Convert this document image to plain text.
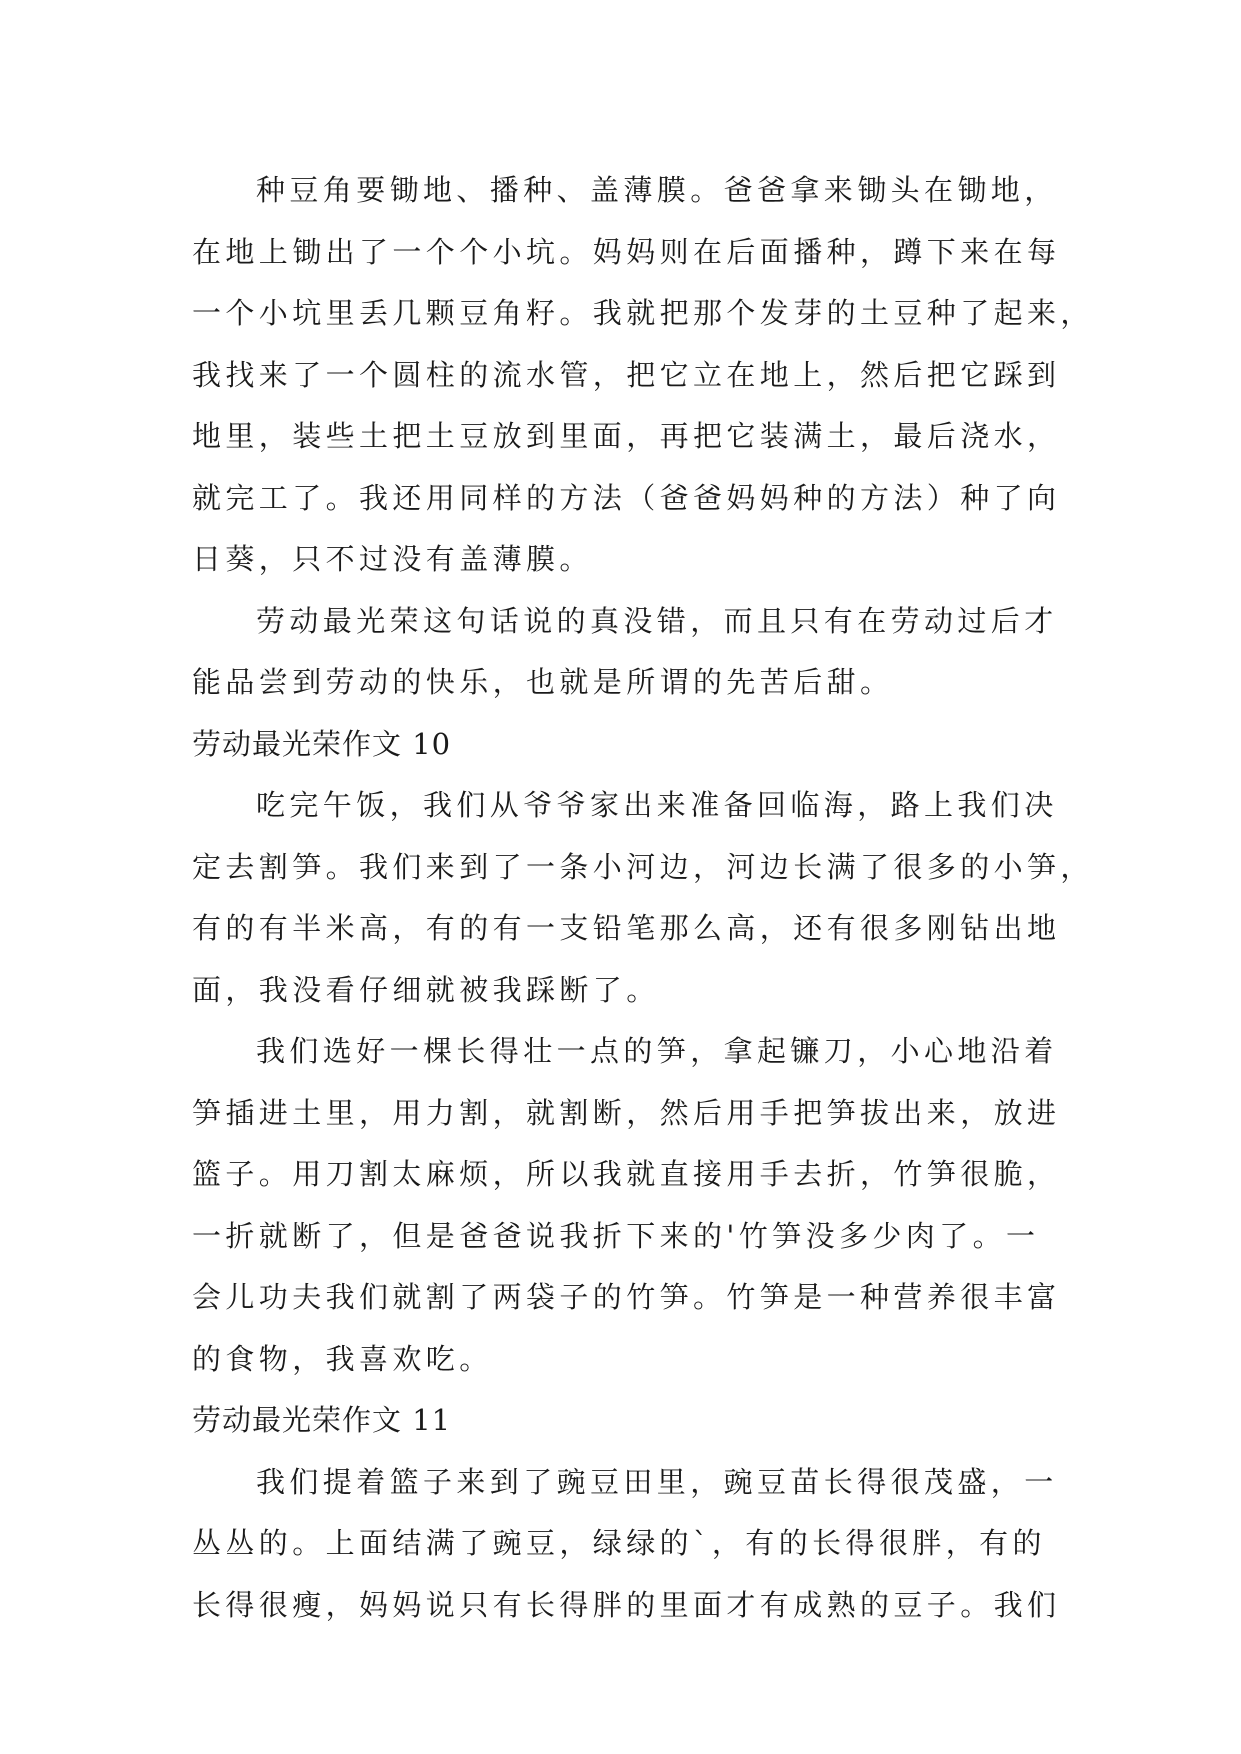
种豆角要锄地、播种、盖薄膜。爸爸拿来锄头在锄地，
在地上锄出了一个个小坑。妈妈则在后面播种，蹲下来在每
一个小坑里丢几颗豆角籽。我就把那个发芽的土豆种了起来，
我找来了一个圆柱的流水管，把它立在地上，然后把它踩到
地里，装些土把土豆放到里面，再把它装满土，最后浇水，
就完工了。我还用同样的方法（爸爸妈妈种的方法）种了向
日葵，只不过没有盖薄膜。
劳动最光荣这句话说的真没错，而且只有在劳动过后才
能品尝到劳动的快乐，也就是所谓的先苦后甜。
劳动最光荣作文 10
吃完午饭，我们从爷爷家出来准备回临海，路上我们决
定去割笋。我们来到了一条小河边，河边长满了很多的小笋，
有的有半米高，有的有一支铅笔那么高，还有很多刚钻出地
面，我没看仔细就被我踩断了。
我们选好一棵长得壮一点的笋，拿起镰刀，小心地沿着
笋插进土里，用力割，就割断，然后用手把笋拔出来，放进
篮子。用刀割太麻烦，所以我就直接用手去折，竹笋很脆，
一折就断了，但是爸爸说我折下来的'竹笋没多少肉了。一
会儿功夫我们就割了两袋子的竹笋。竹笋是一种营养很丰富
的食物，我喜欢吃。
劳动最光荣作文 11
我们提着篮子来到了豌豆田里，豌豆苗长得很茂盛，一
丛丛的。上面结满了豌豆，绿绿的`，有的长得很胖，有的
长得很瘦，妈妈说只有长得胖的里面才有成熟的豆子。我们
